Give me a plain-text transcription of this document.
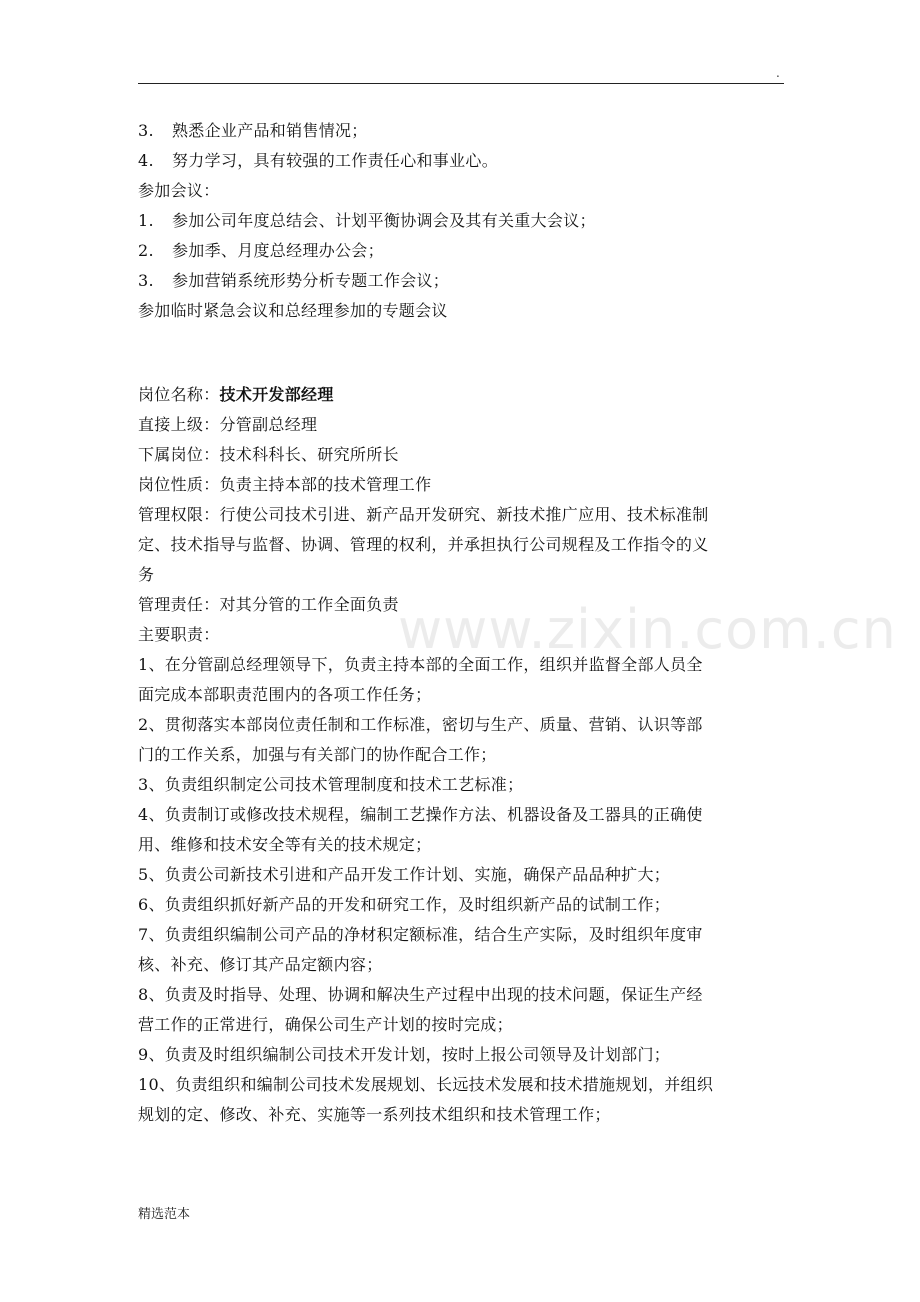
.
3. 熟悉企业产品和销售情况；
4. 努力学习，具有较强的工作责任心和事业心。
参加会议：
1. 参加公司年度总结会、计划平衡协调会及其有关重大会议；
2. 参加季、月度总经理办公会；
3. 参加营销系统形势分析专题工作会议；
参加临时紧急会议和总经理参加的专题会议
岗位名称：技术开发部经理
直接上级：分管副总经理
下属岗位：技术科科长、研究所所长
岗位性质：负责主持本部的技术管理工作
管理权限：行使公司技术引进、新产品开发研究、新技术推广应用、技术标准制
定、技术指导与监督、协调、管理的权利，并承担执行公司规程及工作指令的义
务
管理责任：对其分管的工作全面负责
主要职责：
1、在分管副总经理领导下，负责主持本部的全面工作，组织并监督全部人员全
面完成本部职责范围内的各项工作任务；
2、贯彻落实本部岗位责任制和工作标准，密切与生产、质量、营销、认识等部
门的工作关系，加强与有关部门的协作配合工作；
3、负责组织制定公司技术管理制度和技术工艺标准；
4、负责制订或修改技术规程，编制工艺操作方法、机器设备及工器具的正确使
用、维修和技术安全等有关的技术规定；
5、负责公司新技术引进和产品开发工作计划、实施，确保产品品种扩大；
6、负责组织抓好新产品的开发和研究工作，及时组织新产品的试制工作；
7、负责组织编制公司产品的净材积定额标准，结合生产实际，及时组织年度审
核、补充、修订其产品定额内容；
8、负责及时指导、处理、协调和解决生产过程中出现的技术问题，保证生产经
营工作的正常进行，确保公司生产计划的按时完成；
9、负责及时组织编制公司技术开发计划，按时上报公司领导及计划部门；
10、负责组织和编制公司技术发展规划、长远技术发展和技术措施规划，并组织
规划的定、修改、补充、实施等一系列技术组织和技术管理工作；
www.zixin.com.cn
精选范本
